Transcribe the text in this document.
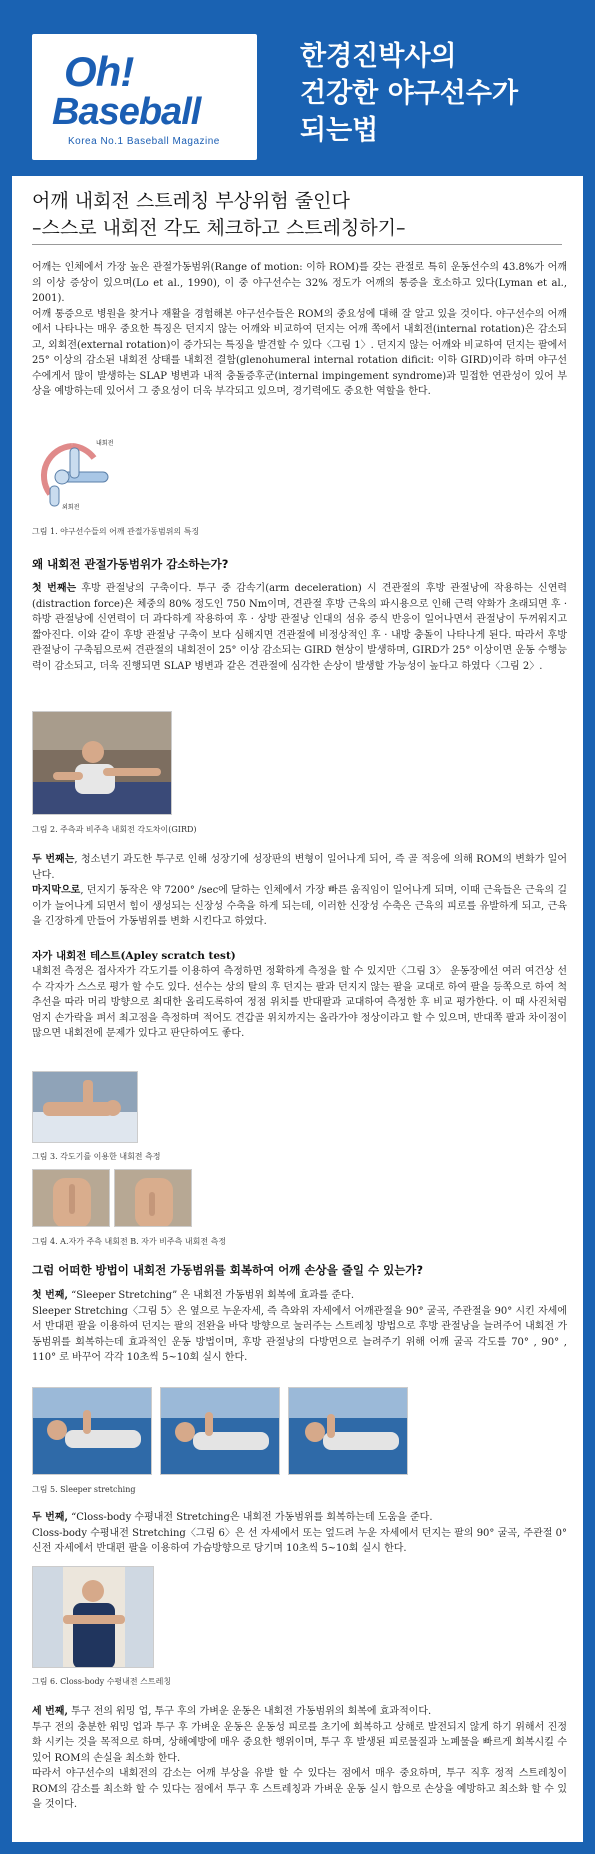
Oh!
Baseball
Korea No.1 Baseball Magazine
한경진박사의
건강한 야구선수가
되는법
어깨 내회전 스트레칭 부상위험 줄인다
–스스로 내회전 각도 체크하고 스트레칭하기–

어깨는 인체에서 가장 높은 관절가동범위(Range of motion: 이하 ROM)를 갖는 관절로 특히 운동선수의 43.8%가 어깨의 이상 증상이 있으며(Lo et al., 1990), 이 중 야구선수는 32% 정도가 어깨의 통증을 호소하고 있다(Lyman et al., 2001).

어깨 통증으로 병원을 찾거나 재활을 경험해본 야구선수들은 ROM의 중요성에 대해 잘 알고 있을 것이다. 야구선수의 어깨에서 나타나는 매우 중요한 특징은 던지지 않는 어깨와 비교하여 던지는 어깨 쪽에서 내회전(internal rotation)은 감소되고, 외회전(external rotation)이 증가되는 특징을 발견할 수 있다〈그림 1〉. 던지지 않는 어깨와 비교하여 던지는 팔에서 25° 이상의 감소된 내회전 상태를 내회전 결함(glenohumeral internal rotation dificit: 이하 GIRD)이라 하며 야구선수에게서 많이 발생하는 SLAP 병변과 내적 충돌증후군(internal impingement syndrome)과 밀접한 연관성이 있어 부상을 예방하는데 있어서 그 중요성이 더욱 부각되고 있으며, 경기력에도 중요한 역할을 한다.

내회전
외회전
그림 1. 야구선수들의 어깨 관절가동범위의 특징
왜 내회전 관절가동범위가 감소하는가?
첫 번째는 후방 관절낭의 구축이다. 투구 중 감속기(arm deceleration) 시 견관절의 후방 관절낭에 작용하는 신연력(distraction force)은 체중의 80% 정도인 750 Nm이며, 견관절 후방 근육의 파시용으로 인해 근력 약화가 초래되면 후 · 하방 관절낭에 신연력이 더 과다하게 작용하여 후 · 상방 관절낭 인대의 섬유 증식 반응이 일어나면서 관절낭이 두꺼워지고 짧아진다. 이와 같이 후방 관절낭 구축이 보다 심해지면 견관절에 비정상적인 후 · 내방 충돌이 나타나게 된다. 따라서 후방 관절낭이 구축됨으로써 견관절의 내회전이 25° 이상 감소되는 GIRD 현상이 발생하며, GIRD가 25° 이상이면 운동 수행능력이 감소되고, 더욱 진행되면 SLAP 병변과 같은 견관절에 심각한 손상이 발생할 가능성이 높다고 하였다〈그림 2〉.
그림 2. 주측과 비주측 내회전 각도차이(GIRD)

두 번째는, 청소년기 과도한 투구로 인해 성장기에 성장판의 변형이 일어나게 되어, 즉 골 적응에 의해 ROM의 변화가 일어난다.

마지막으로, 던지기 동작은 약 7200° /sec에 달하는 인체에서 가장 빠른 움직임이 일어나게 되며, 이때 근육들은 근육의 길이가 늘어나게 되면서 힘이 생성되는 신장성 수축을 하게 되는데, 이러한 신장성 수축은 근육의 피로를 유발하게 되고, 근육을 긴장하게 만들어 가동범위를 변화 시킨다고 하였다.

자가 내회전 테스트(Apley scratch test)
내회전 측정은 접사자가 각도기를 이용하여 측정하면 정확하게 측정을 할 수 있지만〈그림 3〉 운동장에선 여러 여건상 선수 각자가 스스로 평가 할 수도 있다. 선수는 상의 탈의 후 던지는 팔과 던지지 않는 팔을 교대로 하여 팔을 등쪽으로 하여 척추선을 따라 머리 방향으로 최대한 올리도록하여 정점 위치를 반대팔과 교대하여 측정한 후 비교 평가한다. 이 때 사진처럼 엄지 손가락을 펴서 최고점을 측정하며 적어도 견갑골 위치까지는 올라가야 정상이라고 할 수 있으며, 반대쪽 팔과 차이점이 많으면 내회전에 문제가 있다고 판단하여도 좋다.
그림 3. 각도기를 이용한 내회전 측정
그림 4. A.자가 주측 내회전 B. 자가 비주측 내회전 측정
그럼 어떠한 방법이 내회전 가동범위를 회복하여 어깨 손상을 줄일 수 있는가?

첫 번째, “Sleeper Stretching” 은 내회전 가동범위 회복에 효과를 준다.

Sleeper Stretching〈그림 5〉은 옆으로 누운자세, 즉 측와위 자세에서 어깨관절을 90° 굴곡, 주관절을 90° 시킨 자세에서 반대편 팔을 이용하여 던지는 팔의 전완을 바닥 방향으로 눌러주는 스트레칭 방법으로 후방 관절낭을 늘려주어 내회전 가동범위를 회복하는데 효과적인 운동 방법이며, 후방 관절낭의 다방면으로 늘려주기 위해 어깨 굴곡 각도를 70° , 90° , 110° 로 바꾸어 각각 10초씩 5~10회 실시 한다.

그림 5. Sleeper stretching

두 번째, “Closs-body 수평내전 Stretching은 내회전 가동범위를 회복하는데 도움을 준다.

Closs-body 수평내전 Stretching〈그림 6〉은 선 자세에서 또는 엎드려 누운 자세에서 던지는 팔의 90° 굴곡, 주관절 0° 신전 자세에서 반대편 팔을 이용하여 가슴방향으로 당기며 10초씩 5~10회 실시 한다.

그림 6. Closs-body 수평내전 스트레칭

세 번째, 투구 전의 워밍 업, 투구 후의 가벼운 운동은 내회전 가동범위의 회복에 효과적이다.

투구 전의 충분한 워밍 업과 투구 후 가벼운 운동은 운동성 피로를 초기에 회복하고 상해로 발전되지 않게 하기 위해서 진정화 시키는 것을 목적으로 하며, 상해예방에 매우 중요한 행위이며, 투구 후 발생된 피로물질과 노폐물을 빠르게 회복시킬 수 있어 ROM의 손실을 최소화 한다.

따라서 야구선수의 내회전의 감소는 어깨 부상을 유발 할 수 있다는 점에서 매우 중요하며, 투구 직후 정적 스트레칭이 ROM의 감소를 최소화 할 수 있다는 점에서 투구 후 스트레칭과 가벼운 운동 실시 함으로 손상을 예방하고 최소화 할 수 있을 것이다.
